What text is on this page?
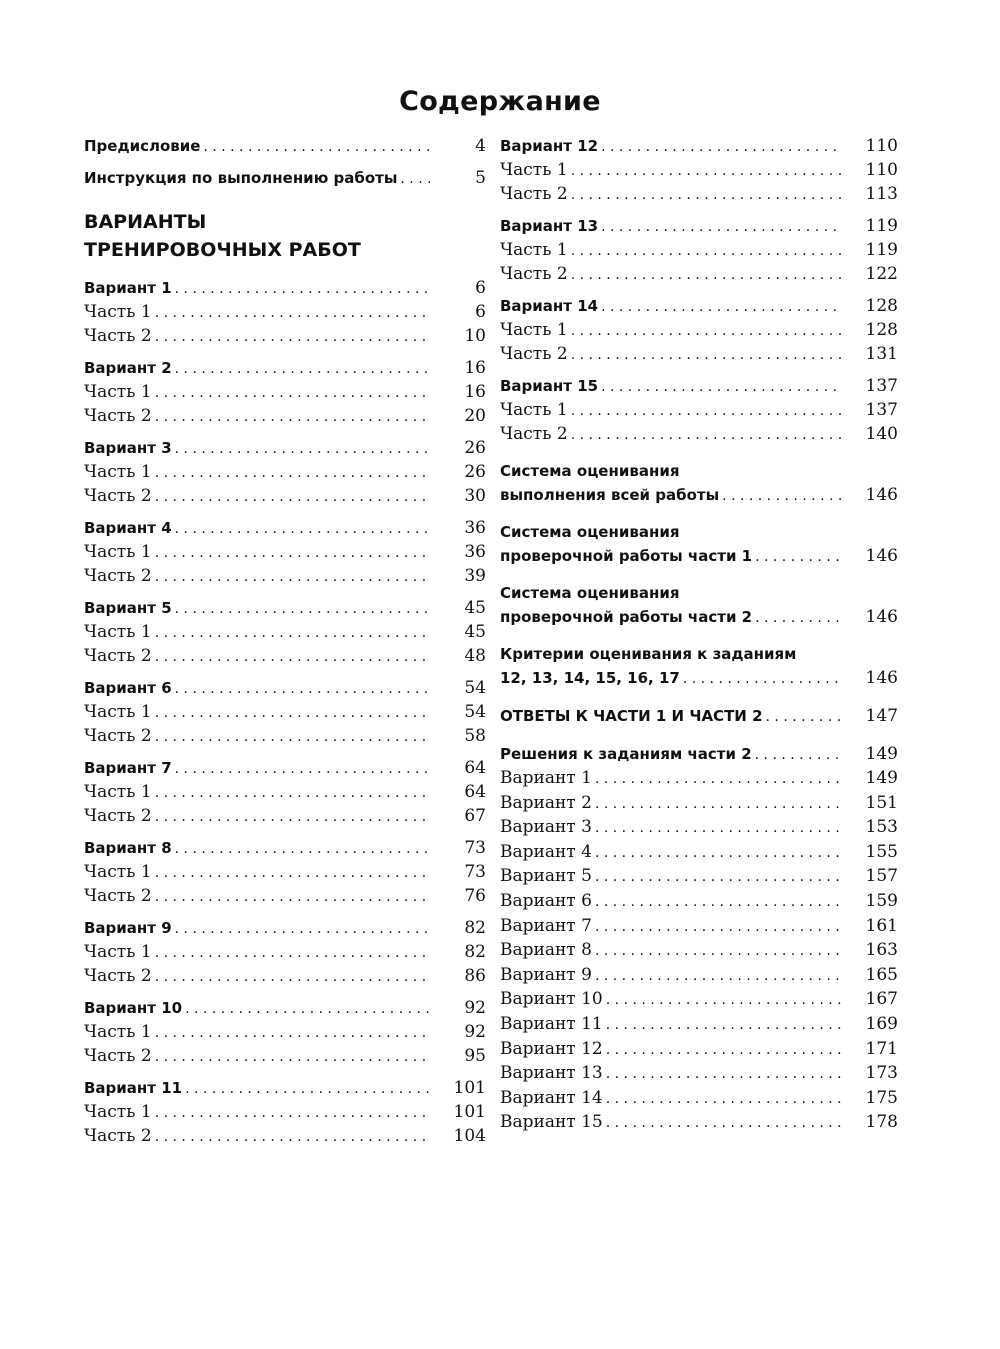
Содержание
Предисловие . . .	4
Инструкция по выполнению работы . . .	5
ВАРИАНТЫ
ТРЕНИРОВОЧНЫХ РАБОТ
Вариант 1 . . .	6
Часть 1 . . .	6
Часть 2 . . .	10
Вариант 2 . . .	16
Часть 1 . . .	16
Часть 2 . . .	20
Вариант 3 . . .	26
Часть 1 . . .	26
Часть 2 . . .	30
Вариант 4 . . .	36
Часть 1 . . .	36
Часть 2 . . .	39
Вариант 5 . . .	45
Часть 1 . . .	45
Часть 2 . . .	48
Вариант 6 . . .	54
Часть 1 . . .	54
Часть 2 . . .	58
Вариант 7 . . .	64
Часть 1 . . .	64
Часть 2 . . .	67
Вариант 8 . . .	73
Часть 1 . . .	73
Часть 2 . . .	76
Вариант 9 . . .	82
Часть 1 . . .	82
Часть 2 . . .	86
Вариант 10 . . .	92
Часть 1 . . .	92
Часть 2 . . .	95
Вариант 11 . . .	101
Часть 1 . . .	101
Часть 2 . . .	104
Вариант 12 . . .	110
Часть 1 . . .	110
Часть 2 . . .	113
Вариант 13 . . .	119
Часть 1 . . .	119
Часть 2 . . .	122
Вариант 14 . . .	128
Часть 1 . . .	128
Часть 2 . . .	131
Вариант 15 . . .	137
Часть 1 . . .	137
Часть 2 . . .	140
Система оценивания
выполнения всей работы . . .	146
Система оценивания
проверочной работы части 1 . . .	146
Система оценивания
проверочной работы части 2 . . .	146
Критерии оценивания к заданиям
12, 13, 14, 15, 16, 17 . . .	146
ОТВЕТЫ К ЧАСТИ 1 И ЧАСТИ 2 . . .	147
Решения к заданиям части 2 . . .	149
Вариант 1 . . .	149
Вариант 2 . . .	151
Вариант 3 . . .	153
Вариант 4 . . .	155
Вариант 5 . . .	157
Вариант 6 . . .	159
Вариант 7 . . .	161
Вариант 8 . . .	163
Вариант 9 . . .	165
Вариант 10 . . .	167
Вариант 11 . . .	169
Вариант 12 . . .	171
Вариант 13 . . .	173
Вариант 14 . . .	175
Вариант 15 . . .	178
